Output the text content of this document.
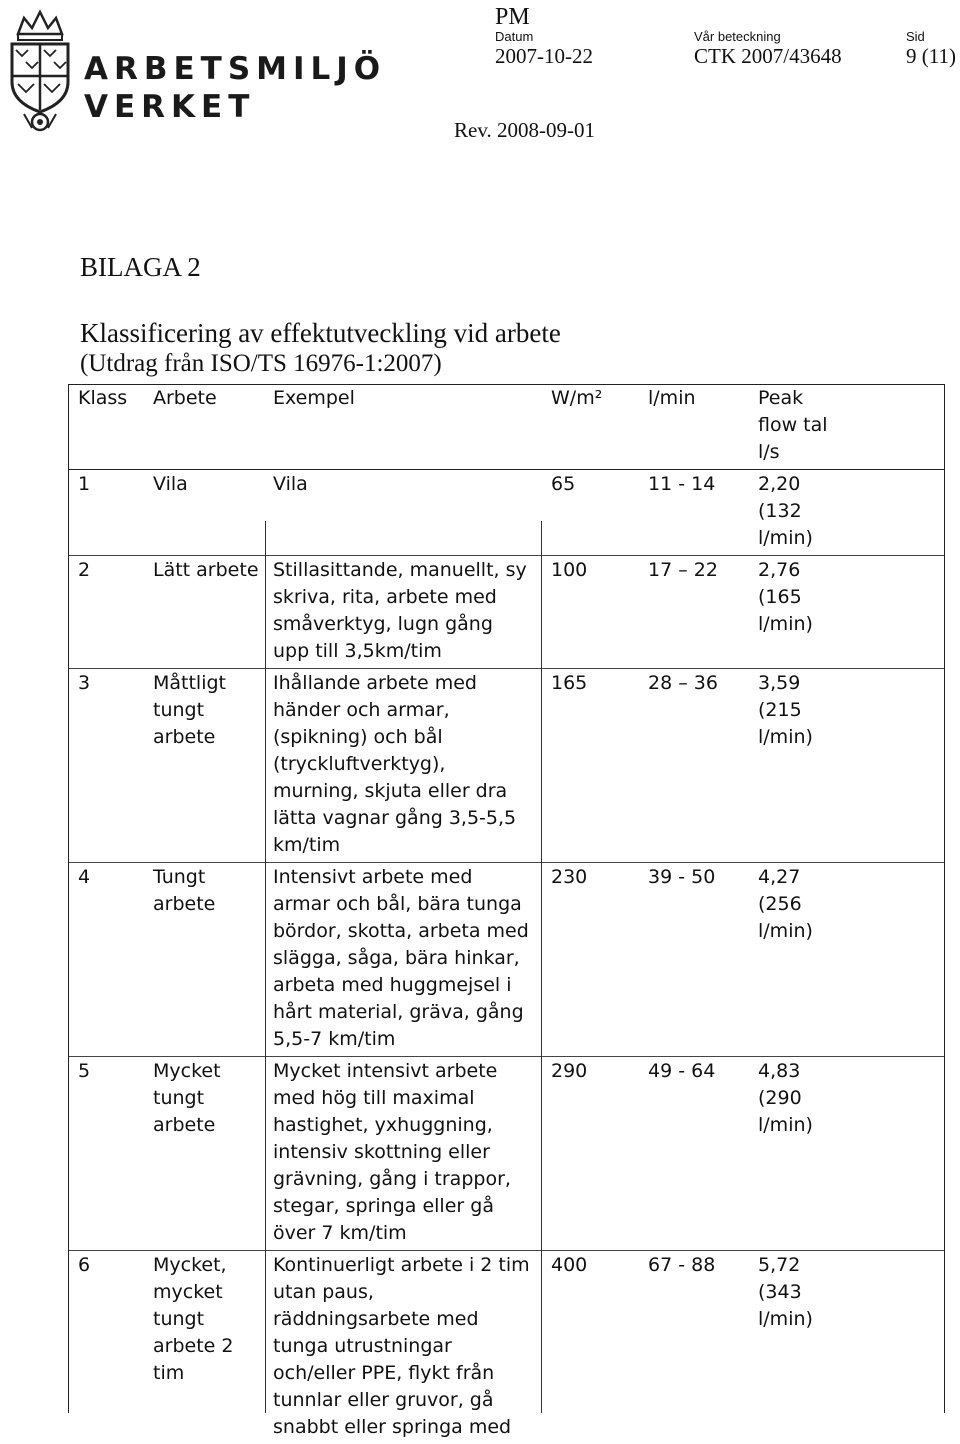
ARBETSMILJÖ
VERKET
PM
Datum	Vår beteckning	Sid
2007-10-22	CTK 2007/43648	9 (11)
Rev. 2008-09-01
BILAGA 2
Klassificering av effektutveckling vid arbete
(Utdrag från ISO/TS 16976-1:2007)
Klass	Arbete	Exempel	W/m²	l/min	Peak flow tal l/s
1	Vila	Vila	65	11 - 14	2,20 (132 l/min)
2	Lätt arbete	Stillasittande, manuellt, sy skriva, rita, arbete med småverktyg, lugn gång upp till 3,5km/tim	100	17 – 22	2,76 (165 l/min)
3	Måttligt tungt arbete	Ihållande arbete med händer och armar, (spikning) och bål (tryckluftverktyg), murning, skjuta eller dra lätta vagnar gång 3,5-5,5 km/tim	165	28 – 36	3,59 (215 l/min)
4	Tungt arbete	Intensivt arbete med armar och bål, bära tunga bördor, skotta, arbeta med slägga, såga, bära hinkar, arbeta med huggmejsel i hårt material, gräva, gång 5,5-7 km/tim	230	39 - 50	4,27 (256 l/min)
5	Mycket tungt arbete	Mycket intensivt arbete med hög till maximal hastighet, yxhuggning, intensiv skottning eller grävning, gång i trappor, stegar, springa eller gå över 7 km/tim	290	49 - 64	4,83 (290 l/min)
6	Mycket, mycket tungt arbete 2 tim	Kontinuerligt arbete i 2 tim utan paus, räddningsarbete med tunga utrustningar och/eller PPE, flykt från tunnlar eller gruvor, gå snabbt eller springa med	400	67 - 88	5,72 (343 l/min)
